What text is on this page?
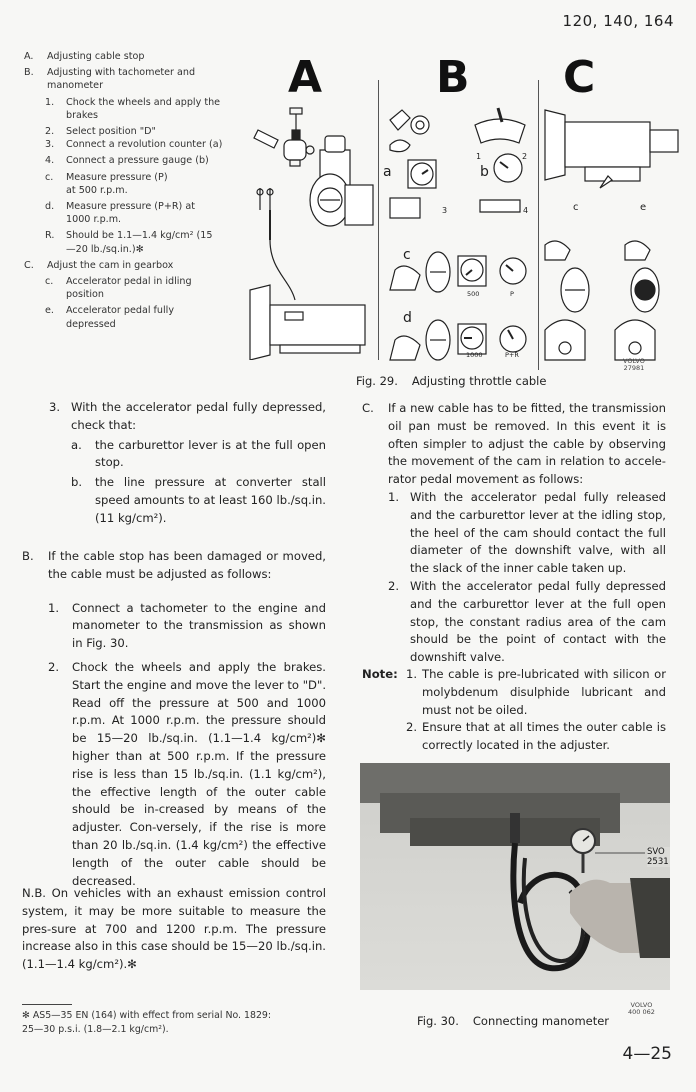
120, 140, 164
A.	Adjusting cable stop
B.	Adjusting with tachometer and manometer
1.	Chock the wheels and apply the brakes
2.	Select position "D"
3.	Connect a revolution counter (a)
4.	Connect a pressure gauge (b)
c.	Measure pressure (P) at 500 r.p.m.
d.	Measure pressure (P+R) at 1000 r.p.m.
R.	Should be 1.1—1.4 kg/cm² (15—20 lb./sq.in.)✻
C.	Adjust the cam in gearbox
c.	Accelerator pedal in idling position
e.	Accelerator pedal fully depressed
A	B C
1	2
a	b
3	4
c
500	P
d
1000	P+R
c	e
VOLVO
27981
Fig. 29. Adjusting throttle cable
3. With the accelerator pedal fully depressed, check that:
a.	the carburettor lever is at the full open stop.
b.	the line pressure at converter stall speed amounts to at least 160 lb./sq.in. (11 kg/cm²).
B.	If the cable stop has been damaged or moved, the cable must be adjusted as follows:
1.	Connect a tachometer to the engine and manometer to the transmission as shown in Fig. 30.
2.	Chock the wheels and apply the brakes. Start the engine and move the lever to "D". Read off the pressure at 500 and 1000 r.p.m. At 1000 r.p.m. the pressure should be 15—20 lb./sq.in. (1.1—1.4 kg/cm²)✻ higher than at 500 r.p.m. If the pressure rise is less than 15 lb./sq.in. (1.1 kg/cm²), the effective length of the outer cable should be in-creased by means of the adjuster. Con-versely, if the rise is more than 20 lb./sq.in. (1.4 kg/cm²) the effective length of the outer cable should be decreased.
N.B. On vehicles with an exhaust emission control system, it may be more suitable to measure the pres-sure at 700 and 1200 r.p.m. The pressure increase also in this case should be 15—20 lb./sq.in. (1.1—1.4 kg/cm²).✻
✻ AS5—35 EN (164) with effect from serial No. 1829: 25—30 p.s.i. (1.8—2.1 kg/cm²).
C.	If a new cable has to be fitted, the transmission oil pan must be removed. In this event it is often simpler to adjust the cable by observing the movement of the cam in relation to accele-rator pedal movement as follows:
1. With the accelerator pedal fully released and the carburettor lever at the idling stop, the heel of the cam should contact the full diameter of the downshift valve, with all the slack of the inner cable taken up.
2. With the accelerator pedal fully depressed and the carburettor lever at the full open stop, the constant radius area of the cam should be the point of contact with the downshift valve.
Note: 1. The cable is pre-lubricated with silicon or molybdenum disulphide lubricant and must not be oiled.
2. Ensure that at all times the outer cable is correctly located in the adjuster.
SVO 2531
VOLVO
400 062
Fig. 30. Connecting manometer
4—25
